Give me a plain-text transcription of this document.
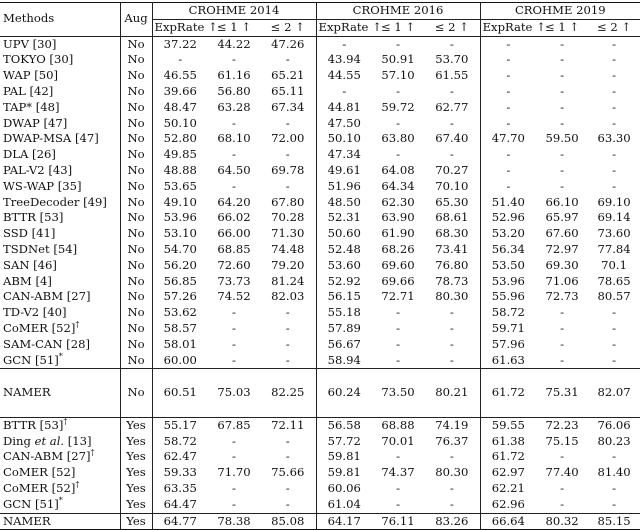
Methods	Aug	CROHME 2014			CROHME 2016			CROHME 2019		
		ExpRate ↑	≤ 1 ↑	≤ 2 ↑	ExpRate ↑	≤ 1 ↑	≤ 2 ↑	ExpRate ↑	≤ 1 ↑	≤ 2 ↑
UPV [30]	No	37.22	44.22	47.26	-	-	-	-	-	-
TOKYO [30]	No	-	-	-	43.94	50.91	53.70	-	-	-
WAP [50]	No	46.55	61.16	65.21	44.55	57.10	61.55	-	-	-
PAL [42]	No	39.66	56.80	65.11	-	-	-	-	-	-
TAP* [48]	No	48.47	63.28	67.34	44.81	59.72	62.77	-	-	-
DWAP [47]	No	50.10	-	-	47.50	-	-	-	-	-
DWAP-MSA [47]	No	52.80	68.10	72.00	50.10	63.80	67.40	47.70	59.50	63.30
DLA [26]	No	49.85	-	-	47.34	-	-	-	-	-
PAL-V2 [43]	No	48.88	64.50	69.78	49.61	64.08	70.27	-	-	-
WS-WAP [35]	No	53.65	-	-	51.96	64.34	70.10	-	-	-
TreeDecoder [49]	No	49.10	64.20	67.80	48.50	62.30	65.30	51.40	66.10	69.10
BTTR [53]	No	53.96	66.02	70.28	52.31	63.90	68.61	52.96	65.97	69.14
SSD [41]	No	53.10	66.00	71.30	50.60	61.90	68.30	53.20	67.60	73.60
TSDNet [54]	No	54.70	68.85	74.48	52.48	68.26	73.41	56.34	72.97	77.84
SAN [46]	No	56.20	72.60	79.20	53.60	69.60	76.80	53.50	69.30	70.1
ABM [4]	No	56.85	73.73	81.24	52.92	69.66	78.73	53.96	71.06	78.65
CAN-ABM [27]	No	57.26	74.52	82.03	56.15	72.71	80.30	55.96	72.73	80.57
TD-V2 [40]	No	53.62	-	-	55.18	-	-	58.72	-	-
CoMER [52]†	No	58.57	-	-	57.89	-	-	59.71	-	-
SAM-CAN [28]	No	58.01	-	-	56.67	-	-	57.96	-	-
GCN [51]*	No	60.00	-	-	58.94	-	-	61.63	-	-

NAMER	No	60.51	75.03	82.25	60.24	73.50	80.21	61.72	75.31	82.07

BTTR [53]†	Yes	55.17	67.85	72.11	56.58	68.88	74.19	59.55	72.23	76.06
Ding et al. [13]	Yes	58.72	-	-	57.72	70.01	76.37	61.38	75.15	80.23
CAN-ABM [27]†	Yes	62.47	-	-	59.81	-	-	61.72	-	-
CoMER [52]	Yes	59.33	71.70	75.66	59.81	74.37	80.30	62.97	77.40	81.40
CoMER [52]†	Yes	63.35	-	-	60.06	-	-	62.21	-	-
GCN [51]*	Yes	64.47	-	-	61.04	-	-	62.96	-	-
NAMER	Yes	64.77	78.38	85.08	64.17	76.11	83.26	66.64	80.32	85.15
